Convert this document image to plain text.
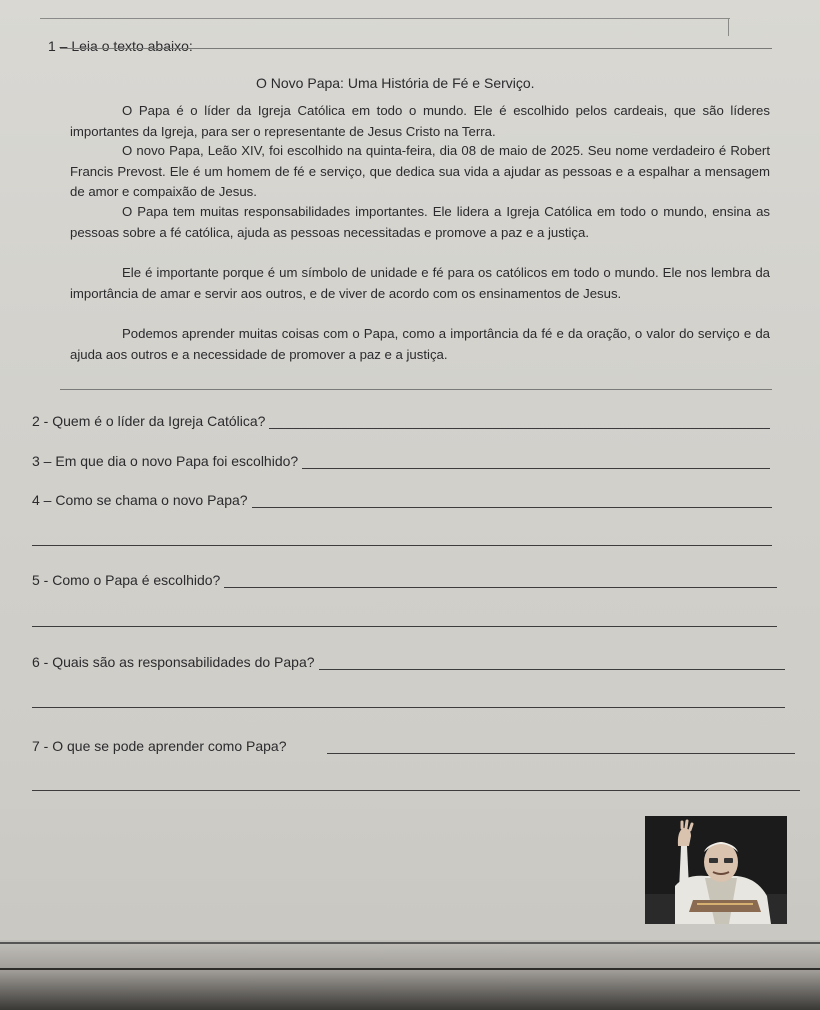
1 – Leia o texto abaixo:
O Novo Papa: Uma História de Fé e Serviço.

O Papa é o líder da Igreja Católica em todo o mundo. Ele é escolhido pelos cardeais, que são líderes importantes da Igreja, para ser o representante de Jesus Cristo na Terra.

O novo Papa, Leão XIV, foi escolhido na quinta-feira, dia 08 de maio de 2025. Seu nome verdadeiro é Robert Francis Prevost. Ele é um homem de fé e serviço, que dedica sua vida a ajudar as pessoas e a espalhar a mensagem de amor e compaixão de Jesus.

O Papa tem muitas responsabilidades importantes. Ele lidera a Igreja Católica em todo o mundo, ensina as pessoas sobre a fé católica, ajuda as pessoas necessitadas e promove a paz e a justiça.

Ele é importante porque é um símbolo de unidade e fé para os católicos em todo o mundo. Ele nos lembra da importância de amar e servir aos outros, e de viver de acordo com os ensinamentos de Jesus.

Podemos aprender muitas coisas com o Papa, como a importância da fé e da oração, o valor do serviço e da ajuda aos outros e a necessidade de promover a paz e a justiça.

2 - Quem é o líder da Igreja Católica?
3 – Em que dia o novo Papa foi escolhido?
4 – Como se chama o novo Papa?
5 - Como o Papa é escolhido?
6 - Quais são as responsabilidades do Papa?
7 - O que se pode aprender como Papa?
